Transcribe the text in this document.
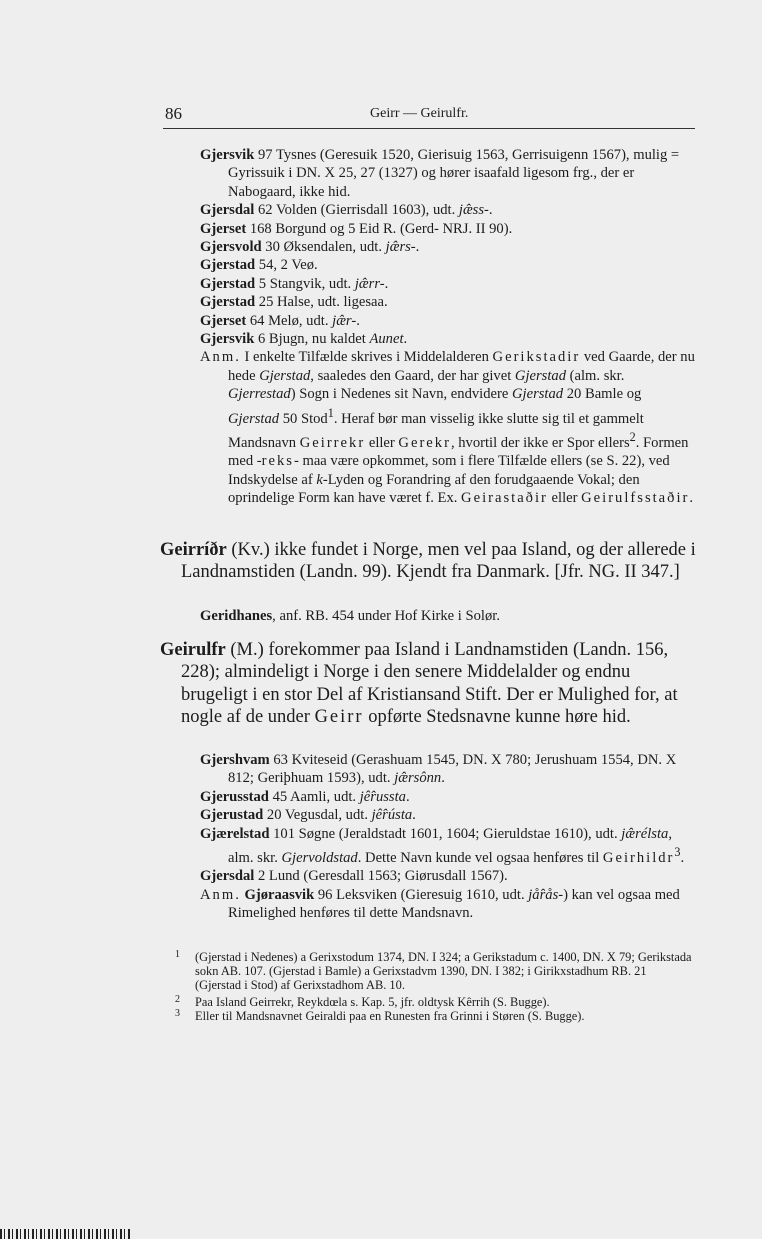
86	Geirr — Geirulfr.

Gjersvik 97 Tysnes (Geresuik 1520, Gierisuig 1563, Gerrisuigenn 1567), mulig = Gyrissuik i DN. X 25, 27 (1327) og hører isaafald ligesom frg., der er Nabogaard, ikke hid.

Gjersdal 62 Volden (Gierrisdall 1603), udt. jæ̂ss-.

Gjerset 168 Borgund og 5 Eid R. (Gerd- NRJ. II 90).

Gjersvold 30 Øksendalen, udt. jæ̂rs-.

Gjerstad 54, 2 Veø.

Gjerstad 5 Stangvik, udt. jæ̂rr-.

Gjerstad 25 Halse, udt. ligesaa.

Gjerset 64 Melø, udt. jæ̂r-.

Gjersvik 6 Bjugn, nu kaldet Aunet.

Anm. I enkelte Tilfælde skrives i Middelalderen Gerikstadir ved Gaarde, der nu hede Gjerstad, saaledes den Gaard, der har givet Gjerstad (alm. skr. Gjerrestad) Sogn i Nedenes sit Navn, endvidere Gjerstad 20 Bamle og Gjerstad 50 Stod$^1$. Heraf bør man visselig ikke slutte sig til et gammelt Mandsnavn Geirrekr eller Gerekr, hvortil der ikke er Spor ellers$^2$. Formen med -reks- maa være opkommet, som i flere Tilfælde ellers (se S. 22), ved Indskydelse af k-Lyden og Forandring af den forudgaaende Vokal; den oprindelige Form kan have været f. Ex. Geirastaðir eller Geirulfsstaðir.

Geirríðr (Kv.) ikke fundet i Norge, men vel paa Island, og der allerede i Landnamstiden (Landn. 99). Kjendt fra Danmark. [Jfr. NG. II 347.]

Geridhanes, anf. RB. 454 under Hof Kirke i Solør.

Geirulfr (M.) forekommer paa Island i Landnamstiden (Landn. 156, 228); almindeligt i Norge i den senere Middelalder og endnu brugeligt i en stor Del af Kristiansand Stift. Der er Mulighed for, at nogle af de under Geirr opførte Stedsnavne kunne høre hid.

Gjershvam 63 Kviteseid (Gerashuam 1545, DN. X 780; Jerushuam 1554, DN. X 812; Geriþhuam 1593), udt. jæ̂rsônn.

Gjerusstad 45 Aamli, udt. jê̂russta.

Gjerustad 20 Vegusdal, udt. jê̂rústa.

Gjærelstad 101 Søgne (Jeraldstadt 1601, 1604; Gieruldstae 1610), udt. jæ̂rélsta, alm. skr. Gjervoldstad. Dette Navn kunde vel ogsaa henføres til Geirhildr$^3$.

Gjersdal 2 Lund (Geresdall 1563; Giørusdall 1567).

Anm. Gjøraasvik 96 Leksviken (Gieresuig 1610, udt. jå̂rås-) kan vel ogsaa med Rimelighed henføres til dette Mandsnavn.

1 (Gjerstad i Nedenes) a Gerixstodum 1374, DN. I 324; a Gerikstadum c. 1400, DN. X 79; Gerikstada sokn AB. 107. (Gjerstad i Bamle) a Gerixstadvm 1390, DN. I 382; i Girikxstadhum RB. 21 (Gjerstad i Stod) af Gerixstadhom AB. 10.

2 Paa Island Geirrekr, Reykdœla s. Kap. 5, jfr. oldtysk Kêrrih (S. Bugge).

3 Eller til Mandsnavnet Geiraldi paa en Runesten fra Grinni i Støren (S. Bugge).
